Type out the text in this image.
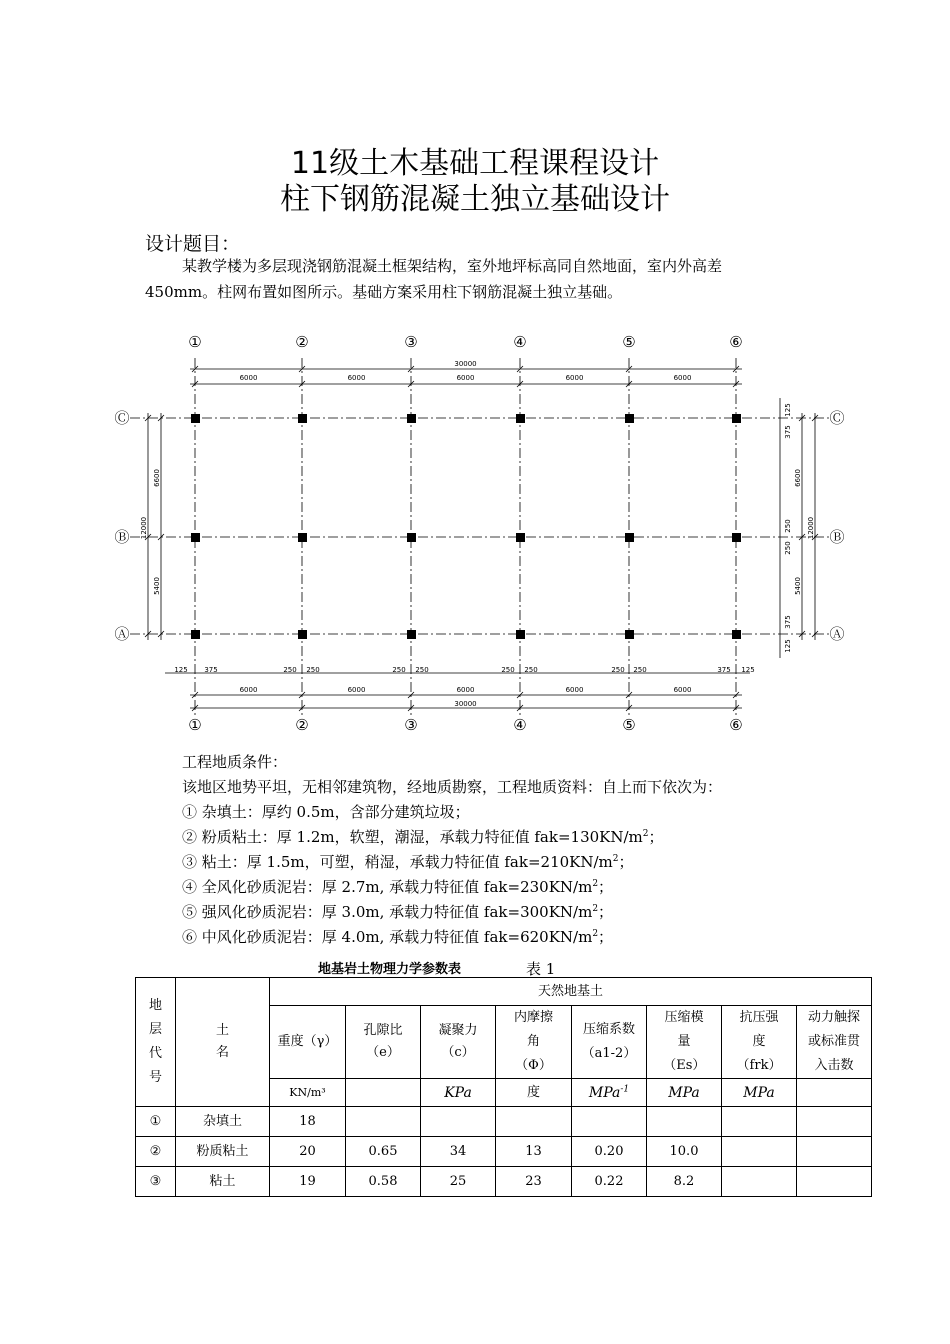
11级土木基础工程课程设计
柱下钢筋混凝土独立基础设计
设计题目：
某教学楼为多层现浇钢筋混凝土框架结构，室外地坪标高同自然地面，室内外高差
450mm。柱网布置如图所示。基础方案采用柱下钢筋混凝土独立基础。
①
①
②
②
③
③
④
④
⑤
⑤
⑥
⑥
Ⓒ	Ⓒ
Ⓑ	Ⓑ
Ⓐ	Ⓐ
30000
6000	6000	6000	6000	6000
6000	6000	6000	6000	6000
30000
125 375	250 250	250 250	250 250	250 250	375 125
12000
6600
5400
6600
5400
12000
125
375
250
250
375
125
工程地质条件：
该地区地势平坦，无相邻建筑物，经地质勘察，工程地质资料：自上而下依次为：
① 杂填土：厚约 0.5m，含部分建筑垃圾；
② 粉质粘土：厚 1.2m，软塑，潮湿，承载力特征值 $fak=130KN/m^2$；
③ 粘土：厚 1.5m，可塑，稍湿，承载力特征值 $fak=210KN/m^2$；
④ 全风化砂质泥岩：厚 2.7m, 承载力特征值 $fak=230KN/m^2$；
⑤ 强风化砂质泥岩：厚 3.0m, 承载力特征值 $fak=300KN/m^2$；
⑥ 中风化砂质泥岩：厚 4.0m, 承载力特征值 $fak=620KN/m^2$；
地基岩土物理力学参数表	表 1
地层代号	土名	天然地基土							
		重度（γ）	孔隙比（e）	凝聚力（c）	内摩擦角（Φ）	压缩系数（a1-2）	压缩模量（Es）	抗压强度（frk）	动力触探或标准贯入击数
		KN/m³		KPa	度	MPa$^{-1}$	MPa	MPa	
①	杂填土	18							
②	粉质粘土	20	0.65	34	13	0.20	10.0		
③	粘土	19	0.58	25	23	0.22	8.2		
